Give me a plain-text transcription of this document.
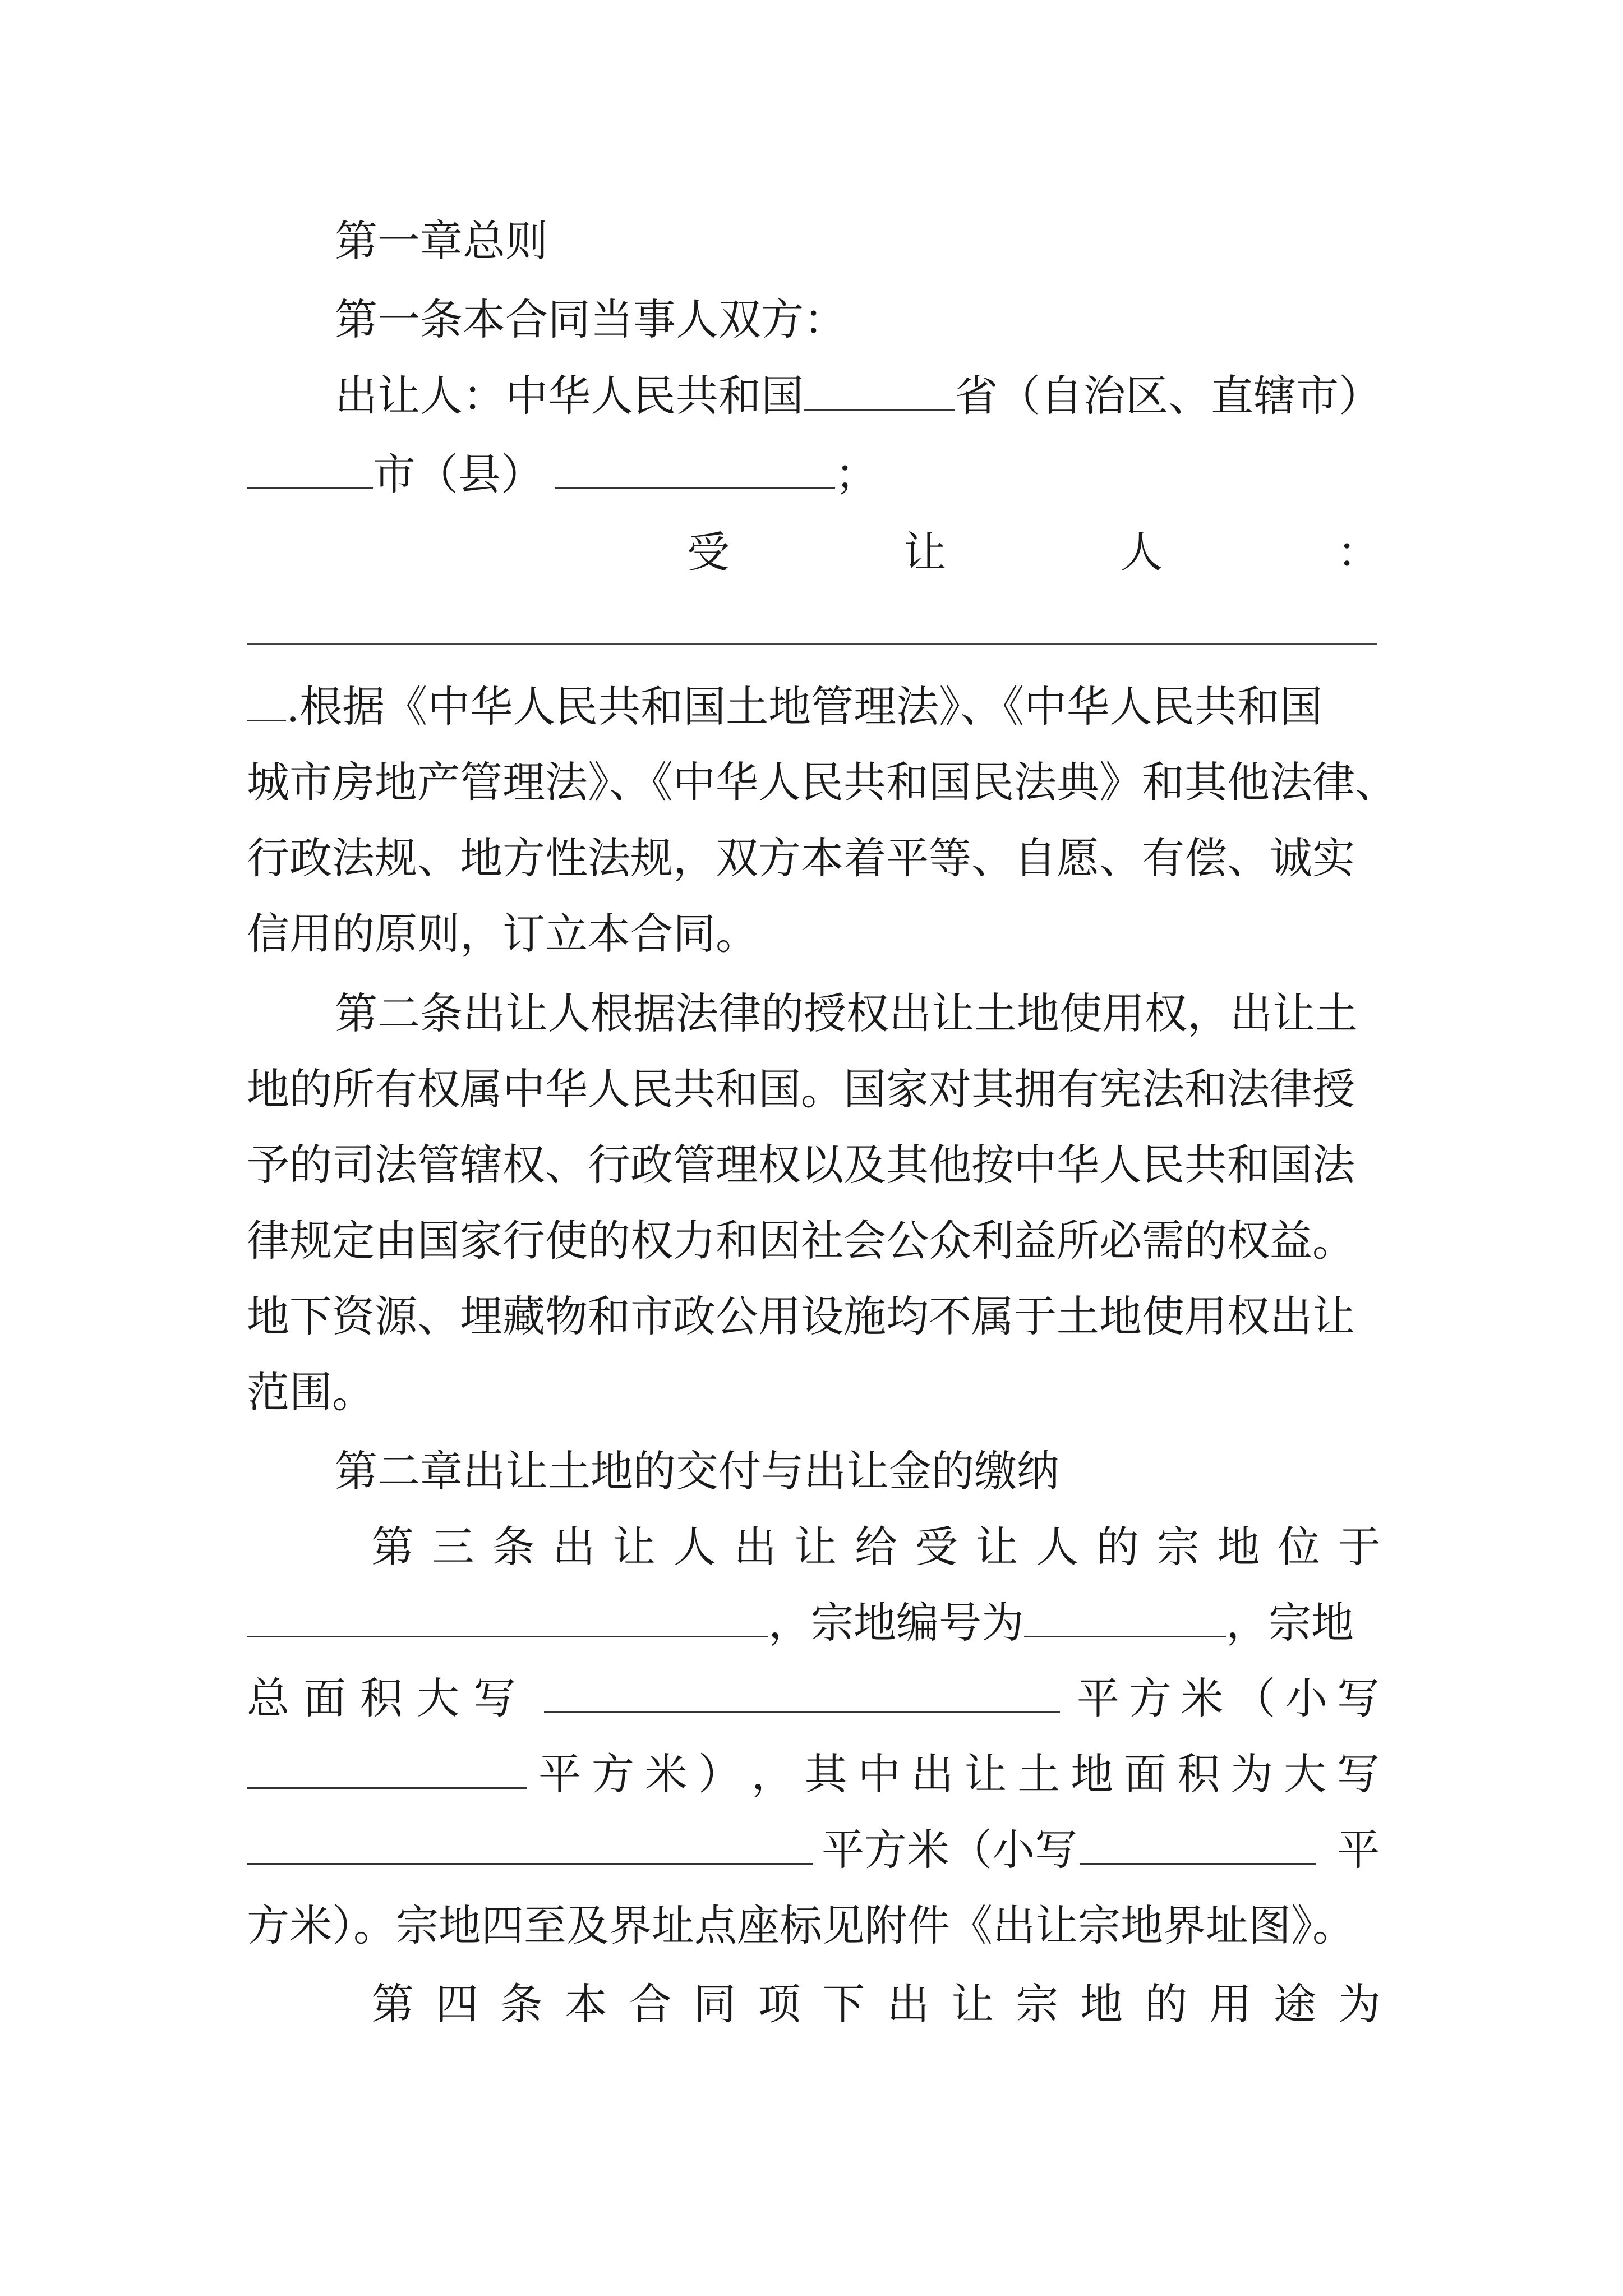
第一章总则

第一条本合同当事人双方：

出让人：中华人民共和国	省（自治区、直辖市）

市（县）	；

受	让	人	：

.根据《中华人民共和国土地管理法》、《中华人民共和国

城市房地产管理法》、《中华人民共和国民法典》和其他法律、

行政法规、地方性法规，双方本着平等、自愿、有偿、诚实

信用的原则，订立本合同。

第二条出让人根据法律的授权出让土地使用权，出让土

地的所有权属中华人民共和国。国家对其拥有宪法和法律授

予的司法管辖权、行政管理权以及其他按中华人民共和国法

律规定由国家行使的权力和因社会公众利益所必需的权益。

地下资源、埋藏物和市政公用设施均不属于土地使用权出让

范围。

第二章出让土地的交付与出让金的缴纳

第 三 条 出 让 人 出 让 给 受 让 人 的 宗 地 位 于

，宗地编号为	，宗地

总 面 积 大 写	平 方 米 （ 小 写
平 方 米 ） ， 其 中 出 让 土 地 面 积 为 大 写
平方米（小写	平

方米）。宗地四至及界址点座标见附件《出让宗地界址图》。

第 四 条 本 合 同 项 下 出 让 宗 地 的 用 途 为
